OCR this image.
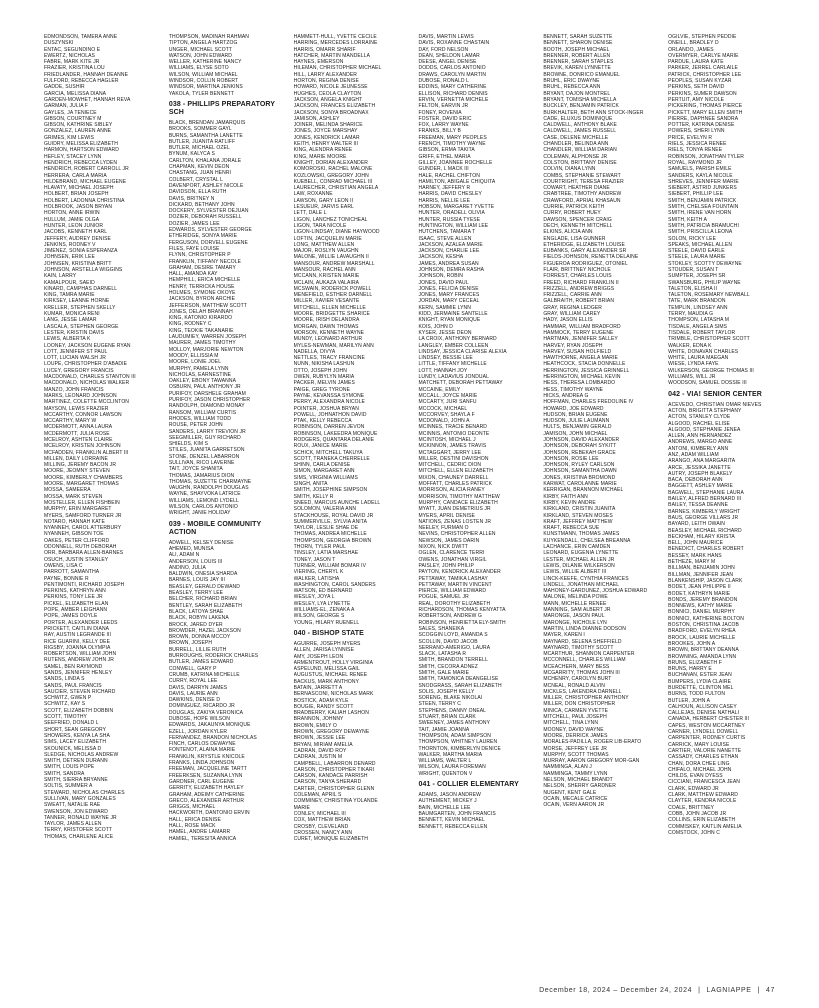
EDMONDSON, TAMERA ANNE
DUSZYNSKI
ENTAC, SEGUNDINO E
EWERTZ, NICHOLAS
FABRE, MARK KITE JR
FRAZIER, KRISTINA LOU
FRIEDLANDER, HANNAH DEANNE
FULFORD, REBECCA HAGLER
GADDE, SUSHIR
GARCIA, MELISSA DIANA
GARDEN-MOWHET, HANNAH REVA
GARMAN, JULIA F
GAYLES, JA TENIECE
GIBSON, COURTNEY M
GIBSON, KATHRINE SIBLEY
GONZALEZ, LAUREN ANNE
GRIMES, KIM LEWIS
GUIDRY, MELISSA ELIZABETH
HARMON, HARTSON EDWARD
HEFLEY, STACEY LYNN
HENDRICH, REBECCA LYDEN
HENDRICH, ROBERT CARROLL JR
HERRERA, CARLA MARIA
HILDEBRAND, MICHAEL EUGENE
HLAVATY, MICHAEL JOSEPH
HOLBERT, BRIAN JOSEPH
HOLBERT, LADONNA CHRISTINA
HOLBROOK, JASON BRYAN
HORTON, ANNE IRWIN
HULLUM, JAMIE OLGA
HUNTER, LEON JUNIOR
JACOBS, KENNETH KARL
JEFFERY, AUDREY DENISE
JENKINS, RODNEY V
JIMENEZ, SONIA ESPERANZA
JOHNSEN, ERIK LEE
JOHNSEN, KRISTINA BRITT
JOHNSON, ARSTELLA WIGGINS
KAIN, LARRY
KAMALPOUR, SAEID
KINARD, CAMPHAS DARNELL
KING, TAMRA MARIE
KIRKSEY, LEANNE HORNE
KRELLER, STEPHEN SKELLY
KUMAR, MONICA RENI
LANG, JESSE LAMAR
LASCALA, STEPHEN GEORGE
LESTER, KRISTIN DAVIS
LEWIS, ALBERTA K
LOONEY, JACKSON EUGENE RYAN
LOTT, JENNIFER ST PAUL
LOTT, LUCIAN WALSH JR
LOUPE, CHRISTOPHER D'ABADIE
LUCEY, GREGORY FRANCIS
MACDONALD, CHARLES STANTON III
MACDONALD, NICHOLAS WALKER
MANZO, JOHN FRANCIS
MARKS, LEONARD JOHNSON
MARTINEZ, COLETTE MCCLINTON
MAYSON, LEWIS FRAZIER
MCCARTHY, CONNOR LAWSON
MCCARTHY, MARY W
MCDERMOTT, ANNA LAURA
MCDERMOTT, JULIA ROSE
MCELROY, ASHTEN CLAIRE
MCELROY, KRISTEN JOHNSON
MCFADDEN, FRANKLIN ALBERT III
MILLEN, DAILY LORRAINE
MILLING, JEREMY BACON JR
MOORE, JEOMNY STEVEN
MOORE, KIMBERLY CHAMBERS
MOORE, MARGARET THOMAS
MOSSA, SAMEERA
MOSSA, MARK STEVEN
MOSTELLER, ELLEN FISHBEIN
MURPHY, ERIN MARGARET
MYERS, SAMFORD TURNER JR
NOTARO, HANNAH KATE
NYANNEH, CAROL ATTERBURY
NYANNEH, GIBSON TOE
OAKES, PETER CLIFFORD
ODONNELL, RUTH DEBORAH
ORR, BARBARA ALLEN-BARNES
OSUCH, JUSTIN STANLEY
OWENS, LISA C
PARROTT, SAMANTHA
PAYNE, BONNIE R
PENTIMONTI, RICHARD JOSEPH
PERKINS, KATHRYN ANN
PERKINS, TONY LEE JR
PICKEL, ELIZABETH ELAN
POPE, AMBER LEIGHANN
POPE, JAMES DOYLE
PORTER, ALEXANDER LEEDS
PRICKETT, CAITLIN DIANA
RAY, AUSTIN LEGRANDE III
RICE GUARINI, KELLY DEE
RIGSBY, JOANNA OLYMPIA
ROBERTSON, WILLIAM JOHN
RUTENS, ANDREW JOHN JR
SAMEL, BEN RAYMOND
SANDS, JENNIFER HENLEY
SANDS, LINDA S
SANDS, PAUL FRANCIS
SAUCIER, STEVEN RICHARD
SCHWITZ, GWEN P
SCHWITZ, KAY S
SCOTT, ELIZABETH DOBBIN
SCOTT, TIMOTHY
SEEFRIED, DONALD L
SHORT, SEAN GREGORY
SHOWERS, KENYA LA SHA
SIMS, LACEY ELIZABETH
SKOUNICK, MELISSA D
SLEDGE, NICHOLAS ANDREW
SMITH, DETREN DURANN
SMITH, LOUIS POPE
SMITH, SANDRA
SMITH, SIERRA BRYANNE
SOLTIS, SUMMER A
STEWARD, NICHOLAS CHARLES
SULLIVAN, MARY GONZALES
SWEATT, NATALIE RAE
SWENSON, JON EDWARD
TANNER, RONALD WAYNE JR
TAYLOR, JAMES ALLEN
TERRY, KRISTOFER SCOTT
THOMAS, CHARLENE ALICE
THOMPSON, MADINAH RAHMAN
TIPTON, ANGELA HARTZOG
UNGER, MICHAEL SCOTT
WATSON, JOHN EDWARD
WELLER, KATHERINE NANCY
WILLIAMS, ELYSE SOTO
WILSON, WILLIAM MICHAEL
WINDSOR, COLLIN ROBERT
WINDSOR, MARTINA JENKINS
YAKOLA, TYLER BENNETT
038 - PHILLIPS PREPARATORY SCH
BLACK, BRENDAN JAMARQUIS
BROOKS, SOMMER GAYL
BURNS, SAMANTHA LANETTE
BUTLER, JUANITA RATLIFF
BUTLER, MICHAEL OZEL
BYNUM, KALYCA S
CARLTON, KHALANA JORALE
CHAPMAN, KEVIN DEON
CHASTANG, JUAN HENRI
COLBERT, CRYSTAL L
DAVENPORT, ASHLEY NICOLE
DAVIDSON, ELLA RUTH
DAVIS, BRITNEY N
DICKARD, BETHANY JOHN
DOCKERY, SYLVESTER DEJUAN
DOZIER, DEBORAH RUSSELL
DOZIER, JAMES LEE
EDWARDS, SYLVESTER GEORGE
ETHERIDGE, SONYA MARIE
FERGUSON, DORVELL EUGENE
FILES, FAYE LOUISE
FLYNN, CHRISTOPHER P
FRANKLIN, TIFFANY NECOLE
GRAHAM, DESIRE TAMARY
HALL, AMANDA KAY
HEMPHILL, ERICA MICHELLE
HENRY, TERRICKA HOUSE
HOLMES, SYMONE OKOYE
JACKSON, BYRON ARCHIE
JEFFERSON, MATTHEW SCOTT
JONES, DELAH BRANNAH
KING, KATONIO KIRARDO
KING, RODNEY C
KING, TEOKIE TAKANARIE
LAUDUMIEY, WARREN JOSEPH
MAURER, JAMES TIMOTHY
MOLLOY, MARJORIE NEWTON
MOODY, ELLISSIA M
MOORE, LONIE JOEL
MURPHY, PAMELA LYNN
NICHOLAS, EARNESTINE
OAKLEY, EBONY TAWANNA
OSBURN, PAUL ANTHONY JR
PURIFOY, DARSHELE GRAHAM
PURIFOY, JASON CHRISTOPHER
RANDOLPH, DIAMOND MONAY
RANSOM, WILLIAM CURTIS
RHODES, WILLIAM TODD
ROUSE, PETER JOHN
SANDERS, LARRY TREVION JR
SEEGMILLER, GUY RICHARD
SHIELDS, KIM S
STILES, JUANITA GARRETSON
STONE, DENZEL LABARRON
SULLIVAN, RICO LAVERNE
TAIT, JOYCE SHANITA
THOMAS, JAMARIUS DION
THOMAS, SUZETTE CHARMAYNE
VAUGHN, RANDOLPH DOUGLAS
WAYNE, SHAYVOKA LATRICE
WILLIAMS, LEMOND LYDELL
WILSON, CARLOS ANTONIO
WRIGHT, JANIE HOLIDAY
039 - MOBILE COMMUNITY ACTION
ADWELL, KELSEY DENISE
AHEMED, MUNISA
ALI, ADAM N
ANDERSON, LOUIS III
ANDINO, JULIA
BALDWIN, ONESIA SHARDA
BARNES, LOUIS JAY III
BEASLEY, GERALD DEWAND
BEASLEY, TERRY LEE
BELCHER, RICHARD BRIAN
BENTLEY, SARAH ELIZABETH
BLACK, LATOYA SHAE
BLACK, ROBYN LAKENA
BROCK, JARED DYER
BROWDER, HAZEL JACKSON
BROWN, DONNA MCCOY
BROWN, JOSEPH
BURRELL, LILLIE RUTH
BURROUGHS, RODERICK CHARLES
BUTLER, JAMES EDWARD
CONWELL, GARY P
CRUMB, KATRINA MICHELLE
CURRY, ROYAL LEE
DAVIS, DARRYN JAMES
DAVIS, LAURIE ANN
DAWKINS, DENISE D
DOMINGUEZ, RICARDO JR
DOUGLAS, ZAKIYA VERONICA
DUBOSE, HOPE WILSON
EDWARDS, JAKAUNYA MONIQUE
EZELL, JORDAN KYLER
FERNANDEZ, BRANDON NICHOLAS
FINCH, CARLOS DEWAYNE
FONTENOT, ALAINA MARIE
FRANKLIN, KRYSTLE KNICOLE
FRANKS, LINDA JOHNSON
FREEMAN, JACQUELINE TARTT
FREERKSEN, SUZANNA LYNN
GARDNER, CARL EUGENE
GERRITY, ELIZABETH HAYLEY
GRAHAM, ADEIMY CATHERINE
GRECO, ALEXANDER ARTHUR
GRIGGS, MICHAEL
HACKWORTH, DANTONIO ERVIN
HALL, ERICA DENISE
HALL, ROSE MACK
HAMEL, ANDRE LAMARR
HAMIEL, TERESITA ANNICA
HAMMETT-HULL, YVETTE CECILE
HARRING, MERCEDES LORRAINE
HARRIS, OMARR SHARIF
HATCHER, MARTIN MANDELLA
HAYNES, EMERSON
HILEMAN, CHRISTOPHER MICHAEL
HILL, LARRY ALEXANDER
HORTON, REGINA DENISE
HOWARD, NICOLE JEUNESSE
HUGHES, CEOLA CLAYTON
JACKSON, ANGELA KNIGHT
JACKSON, FRANCES ELIZABETH
JACKSON, SONYA BROADNAX
JAMISON, ASHLEY
JOINER, MELINDA SHARICE
JONES, JOYCE MARSHAY
JONES, KENDRICK LAMAR
KEITH, HENRY WALTER III
KING, ALENDRA RENEE
KING, MARIE MOORE
KNIGHT, DORIAN ALEXANDER
KOMOROSKI, RACHEL MALONE
KOZLOWSKI, GREGORY JOHN
KUEBELL, CONRAD MICHAEL III
LAURECHER, CHRISTIAN ANGELA
LAW, ROXANNE
LAWSON, GARY LEON II
LESUEUR, JARVIS EARL
LETT, DALE L
LIGON, LANCHEZ TONICHEAL
LIGON, TARA NICOLE
LIGON-LINDSAY, DIANE HAYWOOD
LOFTIN, JACQUELIN MARIE
LONG, MATTHEW ALLEN
MAJOR, ROSLYN VAUGHN
MALONE, WILLIE LAVAUGHN II
MANSOUR, ANDREW MARSHALL
MANSOUR, RACHEL ANN
MCCANN, KRISTEN MARIE
MCLAIN, AUKAZA VALAIRA
MCSWAIN, RODERICK POWELL
MENEFIELD, ESTHER DARNELL
MILLER, XAVIER VESANTE
MITCHELL, ELLEN MICHELLE
MOORE, BRIDGETTE SHARICE
MOORE, IRISH DELANDRA
MORGAN, DAWN THOMAS
MORSON, KENNETH WAYNE
MUNDY, LEONARD ARTHUR
MYLES-NEWMAN, MARILYN ANN
NADELLA, DIVYA
NETTLES, TRACY FRANCINE
NUNN, NIKISHA LASHUN
OTTO, JOSEPH JOHN
OWEN, RUBYLYN MARIA
PACKER, MELVIN JAMES
PAIGE, GREG TYRONE
PAYNE, KEVANSSA SYMONE
PERRY, ALEXANDRA NICOLE
POINTER, JOSHUA BRYAN
POWELL, JOHNATHON DAVID
PTAK, KELLY REBECCA
ROBINSON, DARREN JEVON
ROBINSON, LAKEEDRA MONIQUE
RODGERS, QUANTARA DELANIE
ROUX, JANICE MARIE
SCHICK, MITCHELL TAKUYA
SCOTT, TRANEKA CHERRELLE
SHINN, CARLA DENISE
SIMON, MARGARET ANN
SIMS, VIRGINIA WILLIAMS
SINGH, ANITA
SMITH, JOSEPHINE SIMPSON
SMITH, KELLY R
SNEED, MARCUS AUNCHE LADELL
SOLOMON, VALERIA ANN
STACKHOUSE, ROYAL DAVID JR
SUMMERVILLE, SYLVIA ANITA
TAYLOR, LESLIE SHAE DE
THOMAS, ANDREA MICHELLE
THOMPSON, GEORGIA BROWN
THORN, TYLER PAUL
TINSLEY, LATIA MARSHAE
TONEY, JASON T
TURNER, WILLIAM BOMAR IV
VIERING, CHERYL K
WALKER, LATISHA
WASHINGTON, CAROL SANDERS
WATSON, ED BERNARD
WESLEY, JOYA L
WESLEY, LYA LYNETTE
WILLIAMS-EL, ZENAKA A
WILSON, GEORGE S
YOUNG, HILARY RUENELL
040 - BISHOP STATE
AGUIRRE, JOSEPH MYERS
ALLEN, JARISA LYNNISE
AMY, JOSEPH LEON
ARMENTROUT, HOLLY VIRGINIA
ASPELUND, MELISSA GAIL
AUGUSTUS, MICHAEL RENEE
BACKUS, MARK ANTHONY
BATAIN, JARRETT A
BERNASCONI, NICHOLAS MARK
BOSTICK, ADAM KYLE
BOUGIE, RANDY SCOTT
BRADBERRY, KALIAH LASHON
BRANNON, JOHNNY
BROWN, EMILY O
BROWN, GREGORY DEWAYNE
BROWN, JESSIE LEE
BRYAN, MIRIAM AMELIA
CADRAN, DAVID ROY
CADRAN, JUSTIN M
CAMPBELL, LABARRON DENARD
CARSON, CHRISTOPHER TIKARI
CARSON, KANDACE PARRISH
CARSON, TANYA SHERARD
CARTER, CHRISTOPHER GLENN
COLEMAN, APRIL S
COMMINEY, CHRISTINA YOLANDE
MARIE
CONLEY, MICHAEL III
COX, MATTHEW BRIAN
CROSBY, CLEVELAND
CROSSEN, NANCY ANN
CURET, MONIQUE ELIZABETH
DAVIS, MARTIN LEWIS
DAVIS, ROXANNE CHASTAIN
DAY, FORD NELSON
DEAN, SHELDON LAMAR
DEESE, ANGEL DENISE
DODDS, CARLOS ANTONIO
DRAWS, CAROLYN MARTIN
DUBOSE, RONALD L
EDDINS, MARY CATHERINE
ELLISON, RICHARD DENNIS
ERVIN, VERNETTA MICHELE
FELTON, EARVIN JR
FONEY, ROVENIA
FOSTER, DAVID ERIC
FOX, LARRY WAYNE
FRANKS, BILLY B
FREEMAN, MARY PEOPLES
FRENCH, TIMOTHY WAYNE
GIBSON, ERMA TAKITA
GRIFF, ETHEL MARIA
GILLEY, JOANNEE ROCHELLE
GUNDER, L MACK III
HALE, RACHEL CHIFTON
HAMILTON, ABIGALE CHIQUITA
HARNEY, JEFFERY R
HARRIS, DAVID CHESLEY
HARRIS, NELLIE LEE
HOBSON, MARGARET YVETTE
HUNTER, ORADELL OLIVIA
HUNTER, RUSSIA TYESE
HUNTINGTON, WILLIAM LEE
HUTCHENS, TAMARA T
ISAAC, STEVE ALLEN
JACKSON, AZALEA MARIE
JACKSON, CHARLIE LEE
JACKSON, KESHA
JAMES, ANDREA SUSAN
JOHNSON, DEMRA RASHA
JOHNSON, ROBIN
JONES, DAVID PAUL
JONES, FELICIA DENISE
JONES, MARY FRANCES
JORDAN, MARY CECEAL
KERN, SAMMIE LYNN
KIDD, JERMAINE SANTELLE
KNIGHT, RYAN MONIQUE
KOIS, JOHN D
KYSER, JESSE DEON
LA CROIX, ANTHONY BERNARD
LANGLEY, EMBER COLLEEN
LINDSAY, JESSICA CLARISE ALEXIA
LINDSEY, BESSIE LEE
LITTLE, TIFFANY MICHELLE
LOTT, HANNAH JOY
LUNDY, LADAVIUS JONDUAL
MATCHETT, DEBORAH PETTAWAY
MCCAINE, EMILY
MCCALL, JOYCE MARIE
MCCARTY, JURI SANFU
MCCOCK, MICHAEL
MCCORVEY, SHAYLA F
MCDONALD, JOHN A
MCINNES, TRACIE BENARD
MCINNIS, ANTONIO DEONTE
MCINTOSH, MICHAEL J
MCKINNON, JAMES TRAVIS
MCTAGGART, JERRY LEE
MILLER, DESTINI DAVISHON
MITCHELL, CEDRIC DION
MITCHELL, ELLEN ELIZABETH
MIXON, CHAUNEY DARRELL
MOFFATT, CHARLES PATRICK
MORRISON, ALICIA RANEY
MORRISON, TIMOTHY MATTHEW
MURPHY, CANDACE ELIZABETH
MYATT, JUAN DEMETRIUS JR
MYERS, APRIL DENISE
NATIONS, ZENAS LOSTEN JR
NEELEY, FURMAN O
NEVINS, CHRISTOPHER ALLEN
NEWSON, JAMES DARIN
NIXON, NICK DWITT
OGLEN, CLARENCE TERRI
OWENS, JONATHAN VIRGIL
PAISLEY, JOHN PHILIP
PAYTON, KENDRICK ALEXANDER
PETTAWAY, TAMIKA LASHAY
PETTAWAY, MARTIN VINCENT
PIERCE, WILLIAM EDWARD
POGUE, SAMUEL JR
REAL, DOROTHY ELIZABETH
RICHARDSON, THOMAS KENYATTA
ROBERTSON, ANDREW G
ROBINSON, HENRIETTA ELY-SMITH
SALES, SHANEIKA
SCOGGIN LOYD, AMANDA S
SCOLLIN, DAVID JACOB
SERRANO-AMERIGO, LAURA
SLACK, LATASHA R
SMITH, BRANDON TERRELL
SMITH, CECORA ADNEZ
SMITH, GALE MARIE
SMITH, TAMONICA DEANGELISE
SNODGRASS, SARAH ELIZABETH
SOLIS, JOSEPH KELLY
SORENG, BLAKE NIKOLAI
STEEN, TERRY C
STEPHENS, DANNY ONEAL
STUART, BRIAN CLARK
SWEENEY, JAMES ANTHONY
TAIT, JAMIE JOANNA
THOMPSON, ADAM SIMPSON
THOMPSON, WHITNEY LAUREN
THORNTON, KIMBERLYN DENICE
WALKER, MARTHA MARIA
WILLIAMS, WALTER L
WILSON, LAURA FOREMAN
WRIGHT, QUENTON V
041 - COLLIER ELEMENTARY
ADAMS, JASON ANDREW
AUTHEMENT, MICKEY J
BAIN, MICHELLE LEE
BAUMGARTEN, JOHN FRANCIS
BENNETT, KEVIN MICHAEL
BENNETT, REBECCA ELLEN
BENNETT, SARAH SUZETTE
BENNETT, SHARON DENISE
BOOTH, JOSEPH MICHAEL
BRENNER, ROBERT ALLEN
BRENNER, SARAH STAPLES
BREVIK, KAREN LYNNETTE
BROWNE, DONRICO EMANUEL
BRUHL, ERIC DWAYNE
BRUHL, REBECCA ANN
BRYANT, DAJON MONTREL
BRYANT, TOMISHA MICHELLA
BUCKLEY, BENJAMIN PATRICK
BURKHALTER, BETH ANN STOCK-INGER
CADE, ELUXUS DOMINIQUE
CALDWELL, ANTHONY BLAKE
CALDWELL, JAMES RUSSELL
CASE, DELENE MICHELLE
CHANDLER, BELINDA ANN
CHANDLER, WILLIAM DARIAN
COLEMAN, ALPHONSE JR
COLSTON, BRITTANY DENISE
COLVIN, DIANA LYNN
COMBS, STEPHANIE STEWART
COURTRIGHT, TERESA FRAZIER
COWART, HEATHER DIANE
CRABTREE, TIMOTHY ANDREW
CRAWFORD, APRIAL KHASAUN
CURRIE, PATRICK KEITH
CURRY, ROBERT HUEY
DAWSON, SPENCER CRAIG
DECH, KENNETH MITCHELL
ELKINS, ALICIA ANN
ENGLADE, LISA GUNNER
ETHERIDGE, ELIZABETH LOUISE
EUBANKS, GARY ALEXANDER SR
FIELDS-JOHNSON, RENETTA DELAINE
FIGUEROA RODRIGUEZ, OTONIEL
FLAIR, BRITTNEY NICHOLE
FORREST, CHARLES LOUIS
FREED, RICHARD FRANKLIN II
FRIZZELL, ANDREW BRIGGS
FRIZZELL, CARRIE ANN
GALBRAITH, ROBERT BRIAN
GRAY, REGINA LEDGER
GRAY, WILLIAM CAREY
HADY, JASON ELLIS
HAMMAR, WILLIAM BRADFORD
HAMMOCK, TERRY EUGENE
HARTMAN, JENNIFER SALLEY
HARVEY, RYAN JOSEPH
HARVEY, SUSAN HOLFIELD
HAWTHORNE, ANGELA MARIE
HEATHCOCK, STACIA DONNELLE
HERRINGTON, JESSICA GRINNELL
HERRINGTON, MICHAEL KEVIN
HESS, THERESA LOMBARDO
HESS, TIMOTHY WAYNE
HICKS, ANDREA G
HOFFMAN, CHARLES FREDOLINE IV
HOWARD, JOE EDWARD
HUDSON, BRIAN EUGENE
HUDSON, JULIE LAUMANN
HULTS, BENJAMIN GERALD
JAMISON, JOHN MICHAEL
JOHNSON, DAVID ALEXANDER
JOHNSON, DEBORAH SYKITT
JOHNSON, REBEKAH GRACE
JOHNSON, ROSIE LEE
JOHNSON, RYLEY CARLSON
JOHNSON, SAMANTHA DAWN
JONES, KRISTINA BROMOND
KARWAT, CAROLANNE MARIE
KERRIGAN, BRANNON MICHAEL
KIRBY, FAITH ANN
KIRBY, KEVIN ANDRE
KIRKLAND, CRISTIN JUANITA
KIRKLAND, STEVEN MOSES
KRAFT, JEFFREY MATTHEW
KRAFT, REBECCA SUE
KUNSTMANN, THOMAS JAMES
KUYKENDALL, CHELSEA BREANNA
LACHANCE, ERIN CAMDEN
LEONARD, EUGENIA LYNETTE
LESTER, MICHAEL ALLEN JR
LEWIS, DILANIE WILKERSON
LEWIS, WILLIE ALBERT III
LINCK-KEEFE, CYNTHIA FRANCES
LINDELL, JONATHAN MICHAEL
MAHONEY-GARDUNEZ, JOSHUA EDWARD
MALONE, MELINDA POWE
MANN, MICHELLE RENEE
MANNING, SAM ALBERT JR
MARONGE, JASON PAUL
MARONGE, NICHOLE LYN
MARTIN, LINDA DIANNE DODSON
MAYER, KAREN I
MAYNARD, SELENA SHEFFIELD
MAYNARD, TIMOTHY SCOTT
MCARTHUR, SHANNON CARPENTER
MCCONNELL, CHARLES WILLIAM
MCEACHERN, MARY BESS
MCGARRITY, THOMAS JOHN III
MCHENRY, CAROLYN BURT
MCNEAL, RONALD ALVIN
MICKLES, LAKENDRA DARNELL
MILLER, CHRISTOPHER ANTHONY
MILLER, DON CHRISTOPHER
MINICA, CARMEN YVETTE
MITCHELL, PAUL JOSEPH
MITCHELL, TINA LYNN
MOONEY, DAVID WAYNE
MOORE, DERRICK JAMES
MORALES-PADILLA, ROGER LIB-ERATO
MORSE, JEFFREY LEE JR
MURPHY, SCOTT THOMAS
MURRAY, AARON GREGORY MOR-GAN
NAMMINGA, ALAN J
NAMMINGA, TAMMY LYNN
NELSON, MICHAEL BRANDT
NELSON, SHERRY GARDNER
NUGENT, KENT GALE
OCAIN, MECALE CATRICE
OCAIN, VERN AARON JR
OGILVIE, STEPHEN PEDDIE
ONEILL, BRADLEY D
ORLANDO, JAMES
OVERMYER, CARLYE MARIE
PARDUE, LAURA KATE
PARKER, JERREL CARLAILE
PATRICK, CHRISTOPHER LEE
PEOPLES, SUSAN KYZAR
PERKINS, SETH DAVID
PERKINS, SUMER DAWSON
PERTUIT, AMY NICOLE
PICKERING, THOMAS PIERCE
PICKETT, MARY ELLEN SMITH
PIERRE, DAPHNEE SANDRA
POTTER, KATRINA DENISE
POWERS, SHERI LYNN
PRICE, EVELYN R
RIELS, JESSICA RENEE
RIELS, TONYA RENEE
ROBINSON, JONATHAN TYLER
ROYAL, RAYMOND JR
SAMUELS, PARISH EMILE
SANDERS, KAYLA NICOLE
SHREVES, JENNIFER MARIE
SIEBERT, ASTRID JUNKERS
SIEBERT, PHILLIP LEE
SMITH, BENJAMIN PATRICK
SMITH, CHELSEA FOUNTAIN
SMITH, IRENE VAN HORN
SMITH, KEITH A
SMITH, PATRICIA BRAMUCHI
SMITH, PRISCILLA LEONA
SOLON, RICKY LEE
SPEAKS, MICHAEL ALLEN
STEELE, DAVID EARLE
STEELE, LAURA MARIE
STOKLEY, SCOTTY DEWAYNE
STOUDER, SUSAN T
SUMPTER, JOSEPH SR
SWANSBURG, PHILIP WAYNE
TALETON, ELISHA II
TALETON, ROSEMARY NEWBALL
TATE, MARK BRANDON
TEMPLIN, LINDSEY ANN
TERRY, MAUDIA G
THOMPSON, LATASHA M
TISDALE, ANGELA SIMS
TISDALE, ROBERT TAYLOR
TRIMBLE, CHRISTOPHER SCOTT
WALKER, EDNA K
WHITE, DONAVAN CHARLES
WHITE, LAURA MAEGAN
WIESE, LYNDA FAYE
WILKERSON, GEORGE THOMAS III
WILLIAMS, WILL JR
WOODSON, SAMUEL DOSSIE III
042 - VIA! SENIOR CENTER
ACEVEDO, CHRISTIAN OMAR NIEVES
ACTON, BRIGITTA STEPHANY
ACTON, STANLEY CLYDE
ALGOOD, RACHEL ELISE
ALGOOD, STEPHANIE JENEA
ALLEN, ANN HERNANDEZ
ANDREWS, MARGO ANNE
ANTONI, KIMBERLY ANN
ANZ, ADAM WILLIAM
ARANGO, ANA MARGARITA
ARCE, JESSIKA JANETTE
AUTRY, JOSEPH BLAKELY
BACA, DEBORAH ANN
BAGGETT, ASHLEY MARIE
BAGWELL, STEPHANIE LAURA
BAILEY, ALFRED BERNARD III
BAILEY, TESSA DEANNE
BARNES, KIMBERLY WRIGHT
BAUS, GEORGE VILLARS JR
BAYARD, LEITH OWAIN
BEASLEY, MICHAEL RICHARD
BECKHAM, HILARY KRISTA
BELL, JOHN MAURICE
BENEDICT, CHARLES ROBERT
BESSEY, MARK HANS
BETHEZE, MARY M
BILLMAN, BENJAMIN JOHN
BILLMAN, JENNIFER JEAN
BLANKENSHIP, JASON CLARK
BODET, JEAN PHILIPPE II
BODET, KATHRYN MARIE
BONDS, JEREMY BRANDON
BONNEWS, KATHY MARIE
BONNICI, DANIEL MURPHY
BONNICI, KATHERINE BOLTON
BOSTON, CHRISTINA JACOB
BRADFORD, EVELYN RHEA
BROCK, LAURIE MICHELLE
BROOKES, JOHN A
BROWN, BRITTANY DEANNA
BROWNING, AMANDA LYNN
BRUNS, ELIZABETH F
BRUNS, HARRY E
BUCHANAN, ESTER JEAN
BUMPERS, LYDIA CLAIRE
BURDETTE, CLINTON MEL
BURNS, TODD FULTON
BUTLER, JOHN A
CALHOUN, ALLISON CASEY
CALLEJAS, DENISE NATHALI
CANADA, HERBERT CHESTER III
CAPES, WESTON MCCARTNEY
CARNER, LYNDELL DOWELL
CARPENTER, RODNEY CURTIS
CARRICK, MARY LOUISE
CARTIER, VALORIE NANETTE
CASSADY, CHARLES ETHAN
CHAN, DORA CHEE LING
CHIFALO, MICHAEL JOHN
CHILDS, EVAN DYESS
CICCIANI, FRANCESCA JEAN
CLARK, EDWARD JR
CLARK, MATTHEW EDWARD
CLAYTER, KENDRA NICOLE
COALE, BRITTNEY
COBB, JOHN JACOB JR
COLLINS, ERIN ELIZABETH
COMMISKEY, KAITLIN AMELIA
COMSTOCK, JOHN C
December 18, 2024 – December 24, 2024 | LAGNIAPPE | 47
